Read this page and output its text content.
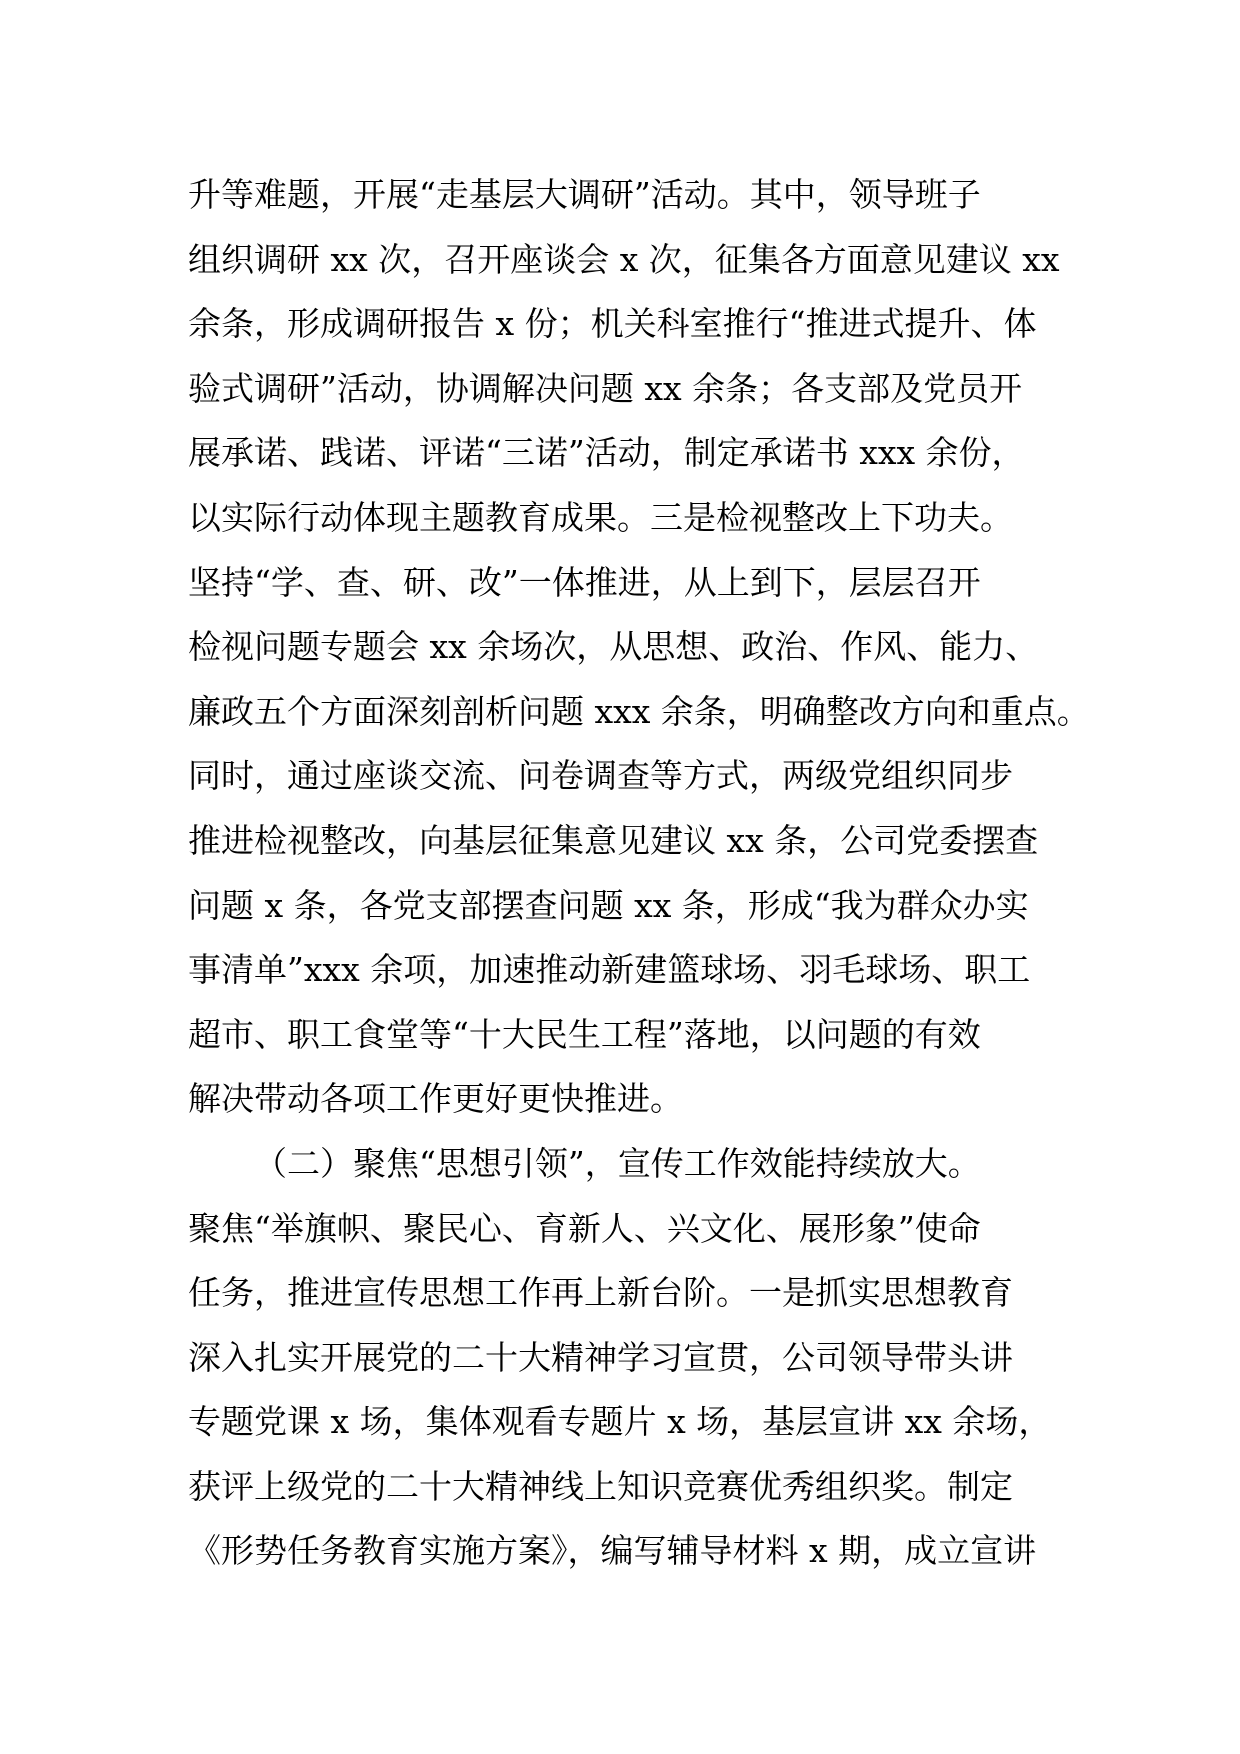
升等难题，开展“走基层大调研”活动。其中，领导班子
组织调研 xx 次，召开座谈会 x 次，征集各方面意见建议 xx
余条，形成调研报告 x 份；机关科室推行“推进式提升、体
验式调研”活动，协调解决问题 xx 余条；各支部及党员开
展承诺、践诺、评诺“三诺”活动，制定承诺书 xxx 余份，
以实际行动体现主题教育成果。三是检视整改上下功夫。
坚持“学、查、研、改”一体推进，从上到下，层层召开
检视问题专题会 xx 余场次，从思想、政治、作风、能力、
廉政五个方面深刻剖析问题 xxx 余条，明确整改方向和重点。
同时，通过座谈交流、问卷调查等方式，两级党组织同步
推进检视整改，向基层征集意见建议 xx 条，公司党委摆查
问题 x 条，各党支部摆查问题 xx 条，形成“我为群众办实
事清单”xxx 余项，加速推动新建篮球场、羽毛球场、职工
超市、职工食堂等“十大民生工程”落地，以问题的有效
解决带动各项工作更好更快推进。
（二）聚焦“思想引领”，宣传工作效能持续放大。
聚焦“举旗帜、聚民心、育新人、兴文化、展形象”使命
任务，推进宣传思想工作再上新台阶。一是抓实思想教育
深入扎实开展党的二十大精神学习宣贯，公司领导带头讲
专题党课 x 场，集体观看专题片 x 场，基层宣讲 xx 余场，
获评上级党的二十大精神线上知识竞赛优秀组织奖。制定
《形势任务教育实施方案》，编写辅导材料 x 期，成立宣讲
